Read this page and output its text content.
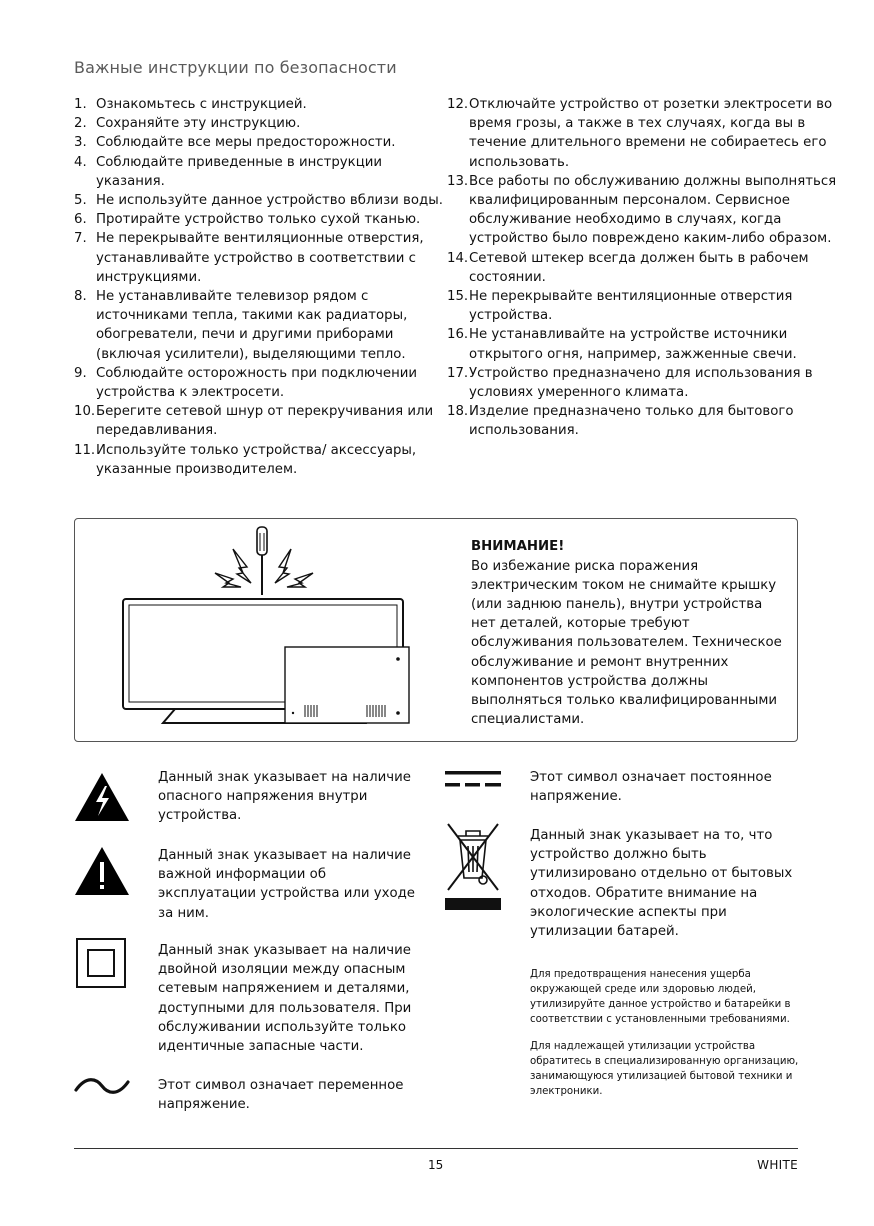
Важные инструкции по безопасности
1. Ознакомьтесь с инструкцией.
2. Сохраняйте эту инструкцию.
3. Соблюдайте все меры предосторожности.
4. Соблюдайте приведенные в инструкции указания.
5. Не используйте данное устройство вблизи воды.
6. Протирайте устройство только сухой тканью.
7. Не перекрывайте вентиляционные отверстия, устанавливайте устройство в соответствии с инструкциями.
8. Не устанавливайте телевизор рядом с источниками тепла, такими как радиаторы, обогреватели, печи и другими приборами (включая усилители), выделяющими тепло.
9. Соблюдайте осторожность при подключении устройства к электросети.
10. Берегите сетевой шнур от перекручивания или передавливания.
11. Используйте только устройства/ аксессуары, указанные производителем.
12. Отключайте устройство от розетки электросети во время грозы, а также в тех случаях, когда вы в течение длительного времени не собираетесь его использовать.
13. Все работы по обслуживанию должны выполняться квалифицированным персоналом. Сервисное обслуживание необходимо в случаях, когда устройство было повреждено каким-либо образом.
14. Сетевой штекер всегда должен быть в рабочем состоянии.
15. Не перекрывайте вентиляционные отверстия устройства.
16. Не устанавливайте на устройстве источники открытого огня, например, зажженные свечи.
17. Устройство предназначено для использования в условиях умеренного климата.
18. Изделие предназначено только для бытового использования.
ВНИМАНИЕ!
Во избежание риска поражения электрическим током не снимайте крышку (или заднюю панель), внутри устройства нет деталей, которые требуют обслуживания пользователем. Техническое обслуживание и ремонт внутренних компонентов устройства должны выполняться только квалифицированными специалистами.
Данный знак указывает на наличие опасного напряжения внутри устройства.
Данный знак указывает на наличие важной информации об эксплуатации устройства или уходе за ним.
Данный знак указывает на наличие двойной изоляции между опасным сетевым напряжением и деталями, доступными для пользователя. При обслуживании используйте только идентичные запасные части.
Этот символ означает переменное напряжение.
Этот символ означает постоянное напряжение.
Данный знак указывает на то, что устройство должно быть утилизировано отдельно от бытовых отходов. Обратите внимание на экологические аспекты при утилизации батарей.
Для предотвращения нанесения ущерба окружающей среде или здоровью людей, утилизируйте данное устройство и батарейки в соответствии с установленными требованиями.
Для надлежащей утилизации устройства обратитесь в специализированную организацию, занимающуюся утилизацией бытовой техники и электроники.
15	WHITE
